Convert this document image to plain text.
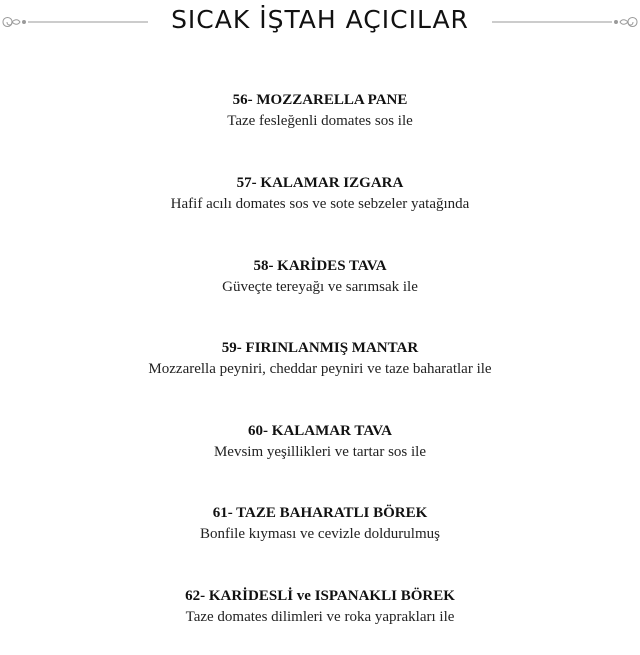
SICAK İŞTAH AÇICILAR
56- MOZZARELLA PANE
Taze fesleğenli domates sos ile
57- KALAMAR IZGARA
Hafif acılı domates sos ve sote sebzeler yatağında
58- KARİDES TAVA
Güveçte tereyağı ve sarımsak ile
59- FIRINLANMIŞ MANTAR
Mozzarella peyniri, cheddar peyniri ve taze baharatlar ile
60- KALAMAR TAVA
Mevsim yeşillikleri ve tartar sos ile
61- TAZE BAHARATLI BÖREK
Bonfile kıyması ve cevizle doldurulmuş
62- KARİDESLİ ve ISPANAKLI BÖREK
Taze domates dilimleri ve roka yaprakları ile
